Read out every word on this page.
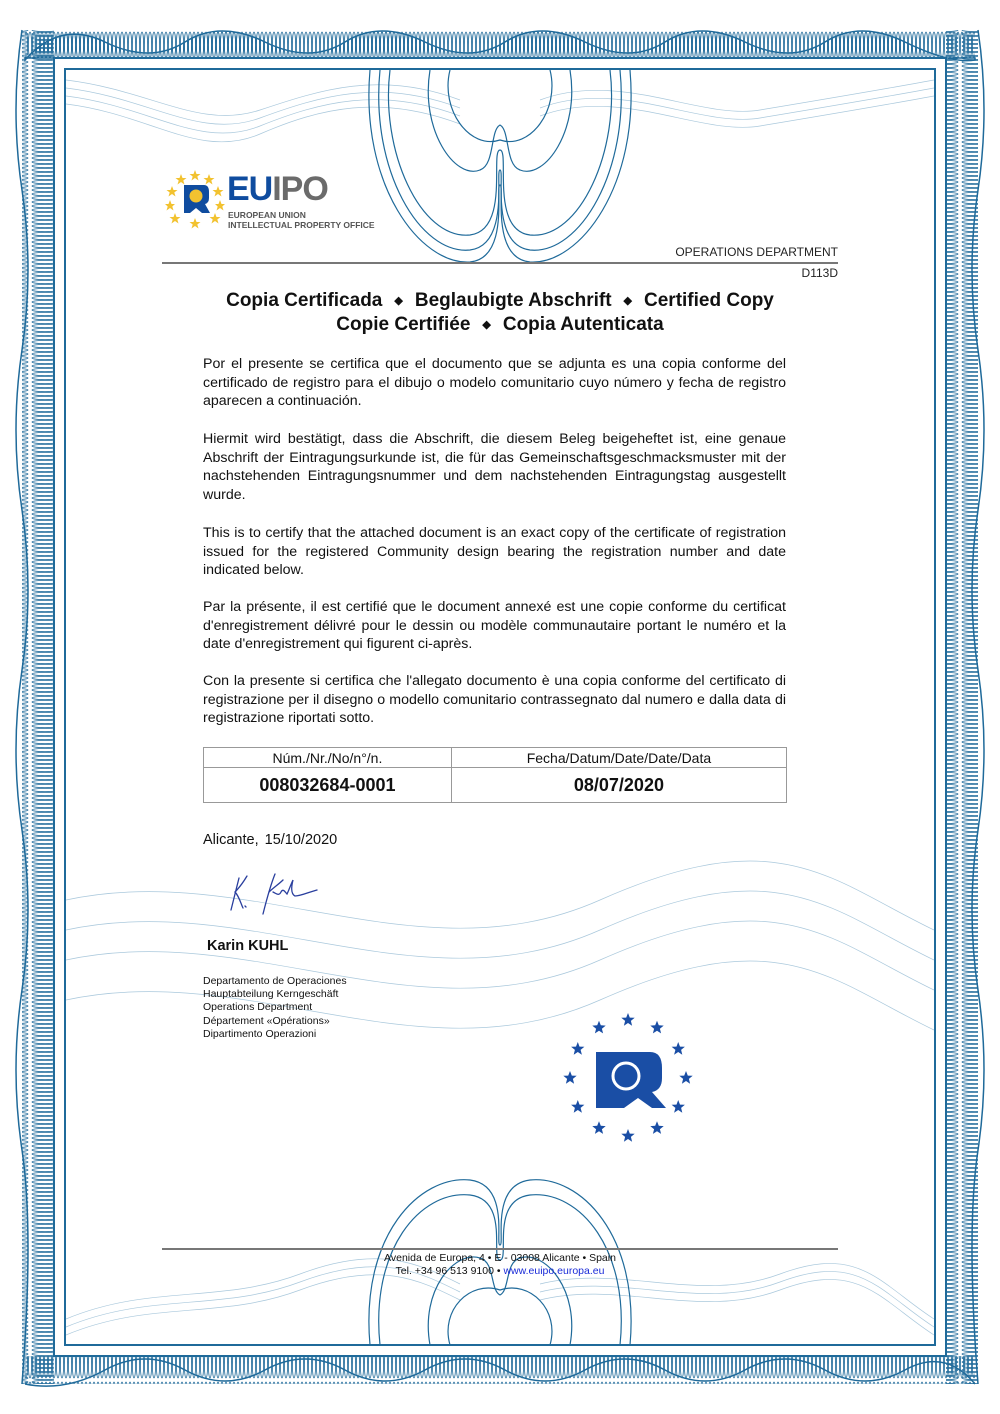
EUIPO
EUROPEAN UNION
INTELLECTUAL PROPERTY OFFICE
OPERATIONS DEPARTMENT
D113D
Copia Certificada ◆ Beglaubigte Abschrift ◆ Certified Copy
Copie Certifiée ◆ Copia Autenticata
Por el presente se certifica que el documento que se adjunta es una copia conforme del certificado de registro para el dibujo o modelo comunitario cuyo número y fecha de registro aparecen a continuación.
Hiermit wird bestätigt, dass die Abschrift, die diesem Beleg beigeheftet ist, eine genaue Abschrift der Eintragungsurkunde ist, die für das Gemeinschaftsgeschmacksmuster mit der nachstehenden Eintragungsnummer und dem nachstehenden Eintragungstag ausgestellt wurde.
This is to certify that the attached document is an exact copy of the certificate of registration issued for the registered Community design bearing the registration number and date indicated below.
Par la présente, il est certifié que le document annexé est une copie conforme du certificat d'enregistrement délivré pour le dessin ou modèle communautaire portant le numéro et la date d'enregistrement qui figurent ci-après.
Con la presente si certifica che l'allegato documento è una copia conforme del certificato di registrazione per il disegno o modello comunitario contrassegnato dal numero e dalla data di registrazione riportati sotto.
Núm./Nr./No/n°/n.	Fecha/Datum/Date/Date/Data
008032684-0001	08/07/2020
Alicante, 15/10/2020
Karin KUHL
Departamento de Operaciones
Hauptabteilung Kerngeschäft
Operations Department
Département «Opérations»
Dipartimento Operazioni
Avenida de Europa, 4 • E - 03008 Alicante • Spain
Tel. +34 96 513 9100 • www.euipo.europa.eu
